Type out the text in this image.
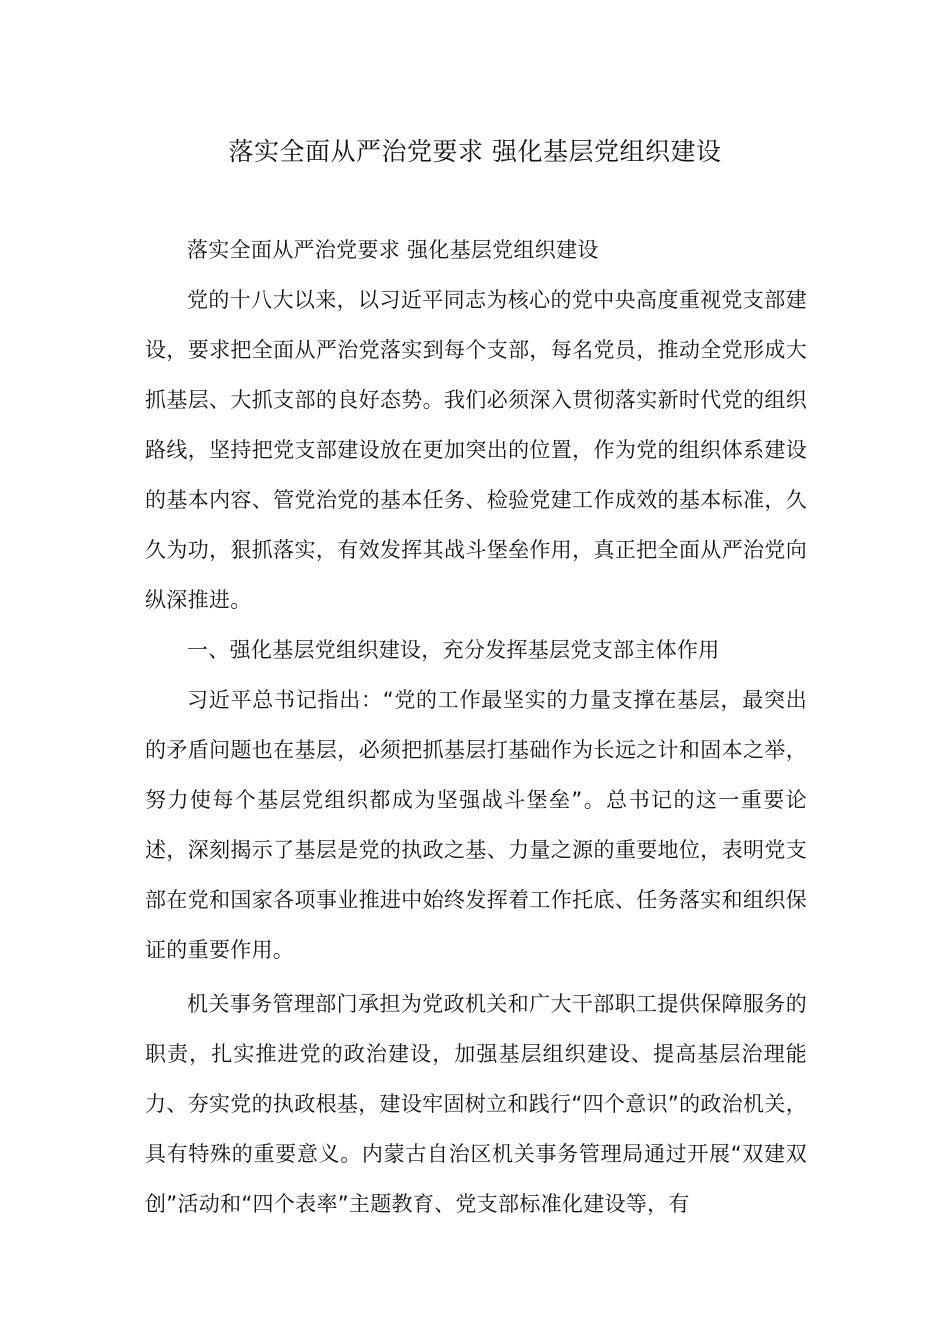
落实全面从严治党要求 强化基层党组织建设

落实全面从严治党要求 强化基层党组织建设

党的十八大以来，以习近平同志为核心的党中央高度重视党支部建设，要求把全面从严治党落实到每个支部，每名党员，推动全党形成大抓基层、大抓支部的良好态势。我们必须深入贯彻落实新时代党的组织路线，坚持把党支部建设放在更加突出的位置，作为党的组织体系建设的基本内容、管党治党的基本任务、检验党建工作成效的基本标准，久久为功，狠抓落实，有效发挥其战斗堡垒作用，真正把全面从严治党向纵深推进。

一、强化基层党组织建设，充分发挥基层党支部主体作用

习近平总书记指出：“党的工作最坚实的力量支撑在基层，最突出的矛盾问题也在基层，必须把抓基层打基础作为长远之计和固本之举，努力使每个基层党组织都成为坚强战斗堡垒”。总书记的这一重要论述，深刻揭示了基层是党的执政之基、力量之源的重要地位，表明党支部在党和国家各项事业推进中始终发挥着工作托底、任务落实和组织保证的重要作用。

机关事务管理部门承担为党政机关和广大干部职工提供保障服务的职责，扎实推进党的政治建设，加强基层组织建设、提高基层治理能力、夯实党的执政根基，建设牢固树立和践行“四个意识”的政治机关，具有特殊的重要意义。内蒙古自治区机关事务管理局通过开展“双建双创”活动和“四个表率”主题教育、党支部标准化建设等，有
